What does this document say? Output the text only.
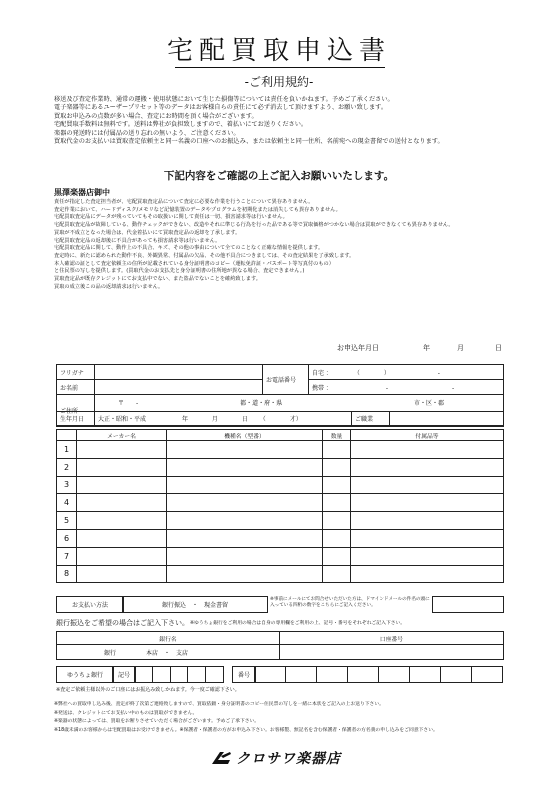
宅配買取申込書
-ご利用規約-
移送及び査定作業時、通常の運搬・使用状態において生じた損傷等については責任を負いかねます。予めご了承ください。
電子楽器等にあるユーザープリセット等のデータはお客様自らの責任にて必ず消去して頂けますよう、お願い致します。
買取お申込みの点数が多い場合、査定にお時間を頂く場合がございます。
宅配買取手数料は無料です。送料は弊社が負担致しますので、着払いにてお送りください。
楽器の発送時には付属品の送り忘れの無いよう、ご注意ください。
買取代金のお支払いは買取査定依頼主と同一名義の口座へのお振込み、または依頼主と同一住所、名前宛への現金書留での送付となります。
下記内容をご確認の上ご記入お願いいたします。
黒澤楽器店御中
責任が指定した査定担当者が、宅配買取査定品について査定に必要な作業を行うことについて異存ありません。
査定作業において、ハードディスク/メモリなど記憶装置のデータやプログラムを初期化または消失しても異存ありません。
宅配買取査定品にデータが残っていてもその取扱いに関して責任は一切、損害請求等は行いません。
宅配買取査定品が故障している、動作チェックができない、改造やそれに準じる行為を行った品である等で買取価格がつかない場合は買取ができなくても異存ありません。
買取が不成立となった場合は、代金着払いにて買取査定品の返却を了承します。
宅配買取査定品の返却後に不具合があっても損害請求等は行いません。
宅配買取査定品に関して、動作上の不具合、キズ、その他の事由について全てのことなく正確な情報を提供します。
査定時に、新たに認められた動作不良、外観異常、付属品の欠品、その他不具合につきましては、その査定結果を了承致します。
本人確認の証として査定依頼主の住所が記載されている身分証明書のコピー（運転免許証・パスポート等写真付のもの）
と住民票の写しを提供します。(買取代金のお支払先と身分証明書の住所地が異なる場合、査定できません。)
買取査定品が既存クレジットにてお支払中でない、また盗品でないことを確約致します。
買取の成立後この品の返却請求は行いません。
お申込年月日	年	月	日
フリガナ		お電話番号	自宅 ： （　　　　） -
お名前			携帯 ： - -
ご住所	〒　　- 都・道・府・県 市・区・郡		
生年月日	大正・昭和・平成	年	月	日 （	才）	ご職業	
	メーカー名	機種名（型番）	数量	付属品等
1				
2				
3				
4				
5				
6				
7				
8				
お支払い方法	銀行振込　・　現金書留
※事前にメールにてお問合せいただいた方は、ドマインドメールの件名の頭に入っている四桁の数字をこちらにご記入ください。
銀行振込をご希望の場合はご記入下さい。 ※ゆうちょ銀行をご利用の場合は自身の専用欄をご利用の上、記号・番号をそれぞれご記入下さい。
銀行名	口座番号
銀行 本店　・　支店	
ゆうちょ銀行 記号	番号
※査定ご依頼主様以外のご口座にはお振込み致しかねます。今一度ご確認下さい。
※弊社への買取申し込み後、査定が終了次第ご連絡致しますので、買取依頼・身分証明書のコピー住民票の写しを一緒に本状をご記入の上お送り下さい。
※発送は、クレジットにてお支払い中のものは買取ができません。
※楽器の状態によっては、買取をお断りさせていただく場合がございます。予めご了承下さい。
※18歳未満のお客様からは宅配買取はお受けできません。※保護者・保護者の方がお申込み下さい。お客様製、無記名を含む保護者・保護者の方名義の申し込みをご同意下さい。
クロサワ楽器店
